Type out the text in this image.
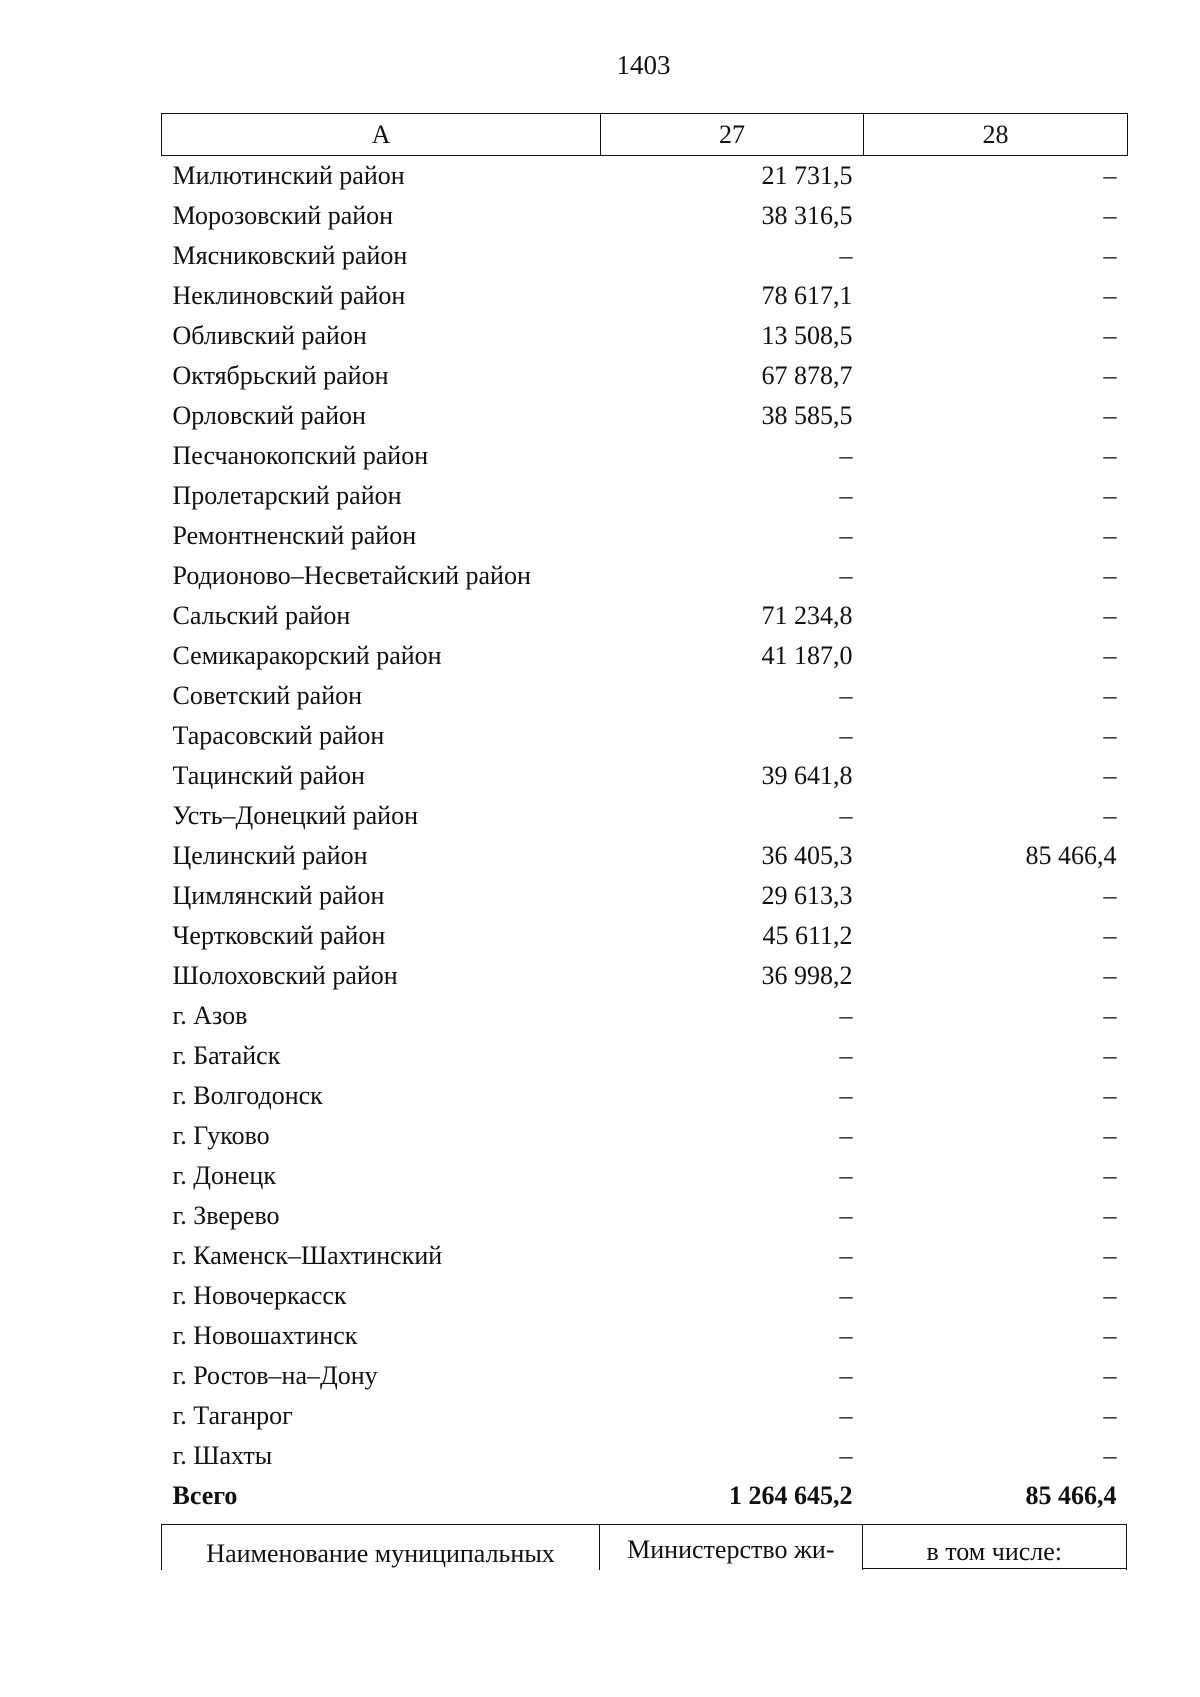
1403
А	27	28
Милютинский район	21 731,5	–
Морозовский район	38 316,5	–
Мясниковский район	–	–
Неклиновский район	78 617,1	–
Обливский район	13 508,5	–
Октябрьский район	67 878,7	–
Орловский район	38 585,5	–
Песчанокопский район	–	–
Пролетарский район	–	–
Ремонтненский район	–	–
Родионово–Несветайский район	–	–
Сальский район	71 234,8	–
Семикаракорский район	41 187,0	–
Советский район	–	–
Тарасовский район	–	–
Тацинский район	39 641,8	–
Усть–Донецкий район	–	–
Целинский район	36 405,3	85 466,4
Цимлянский район	29 613,3	–
Чертковский район	45 611,2	–
Шолоховский район	36 998,2	–
г. Азов	–	–
г. Батайск	–	–
г. Волгодонск	–	–
г. Гуково	–	–
г. Донецк	–	–
г. Зверево	–	–
г. Каменск–Шахтинский	–	–
г. Новочеркасск	–	–
г. Новошахтинск	–	–
г. Ростов–на–Дону	–	–
г. Таганрог	–	–
г. Шахты	–	–
Всего	1 264 645,2	85 466,4
Наименование муниципальных	Министерство жи-	в том числе:
